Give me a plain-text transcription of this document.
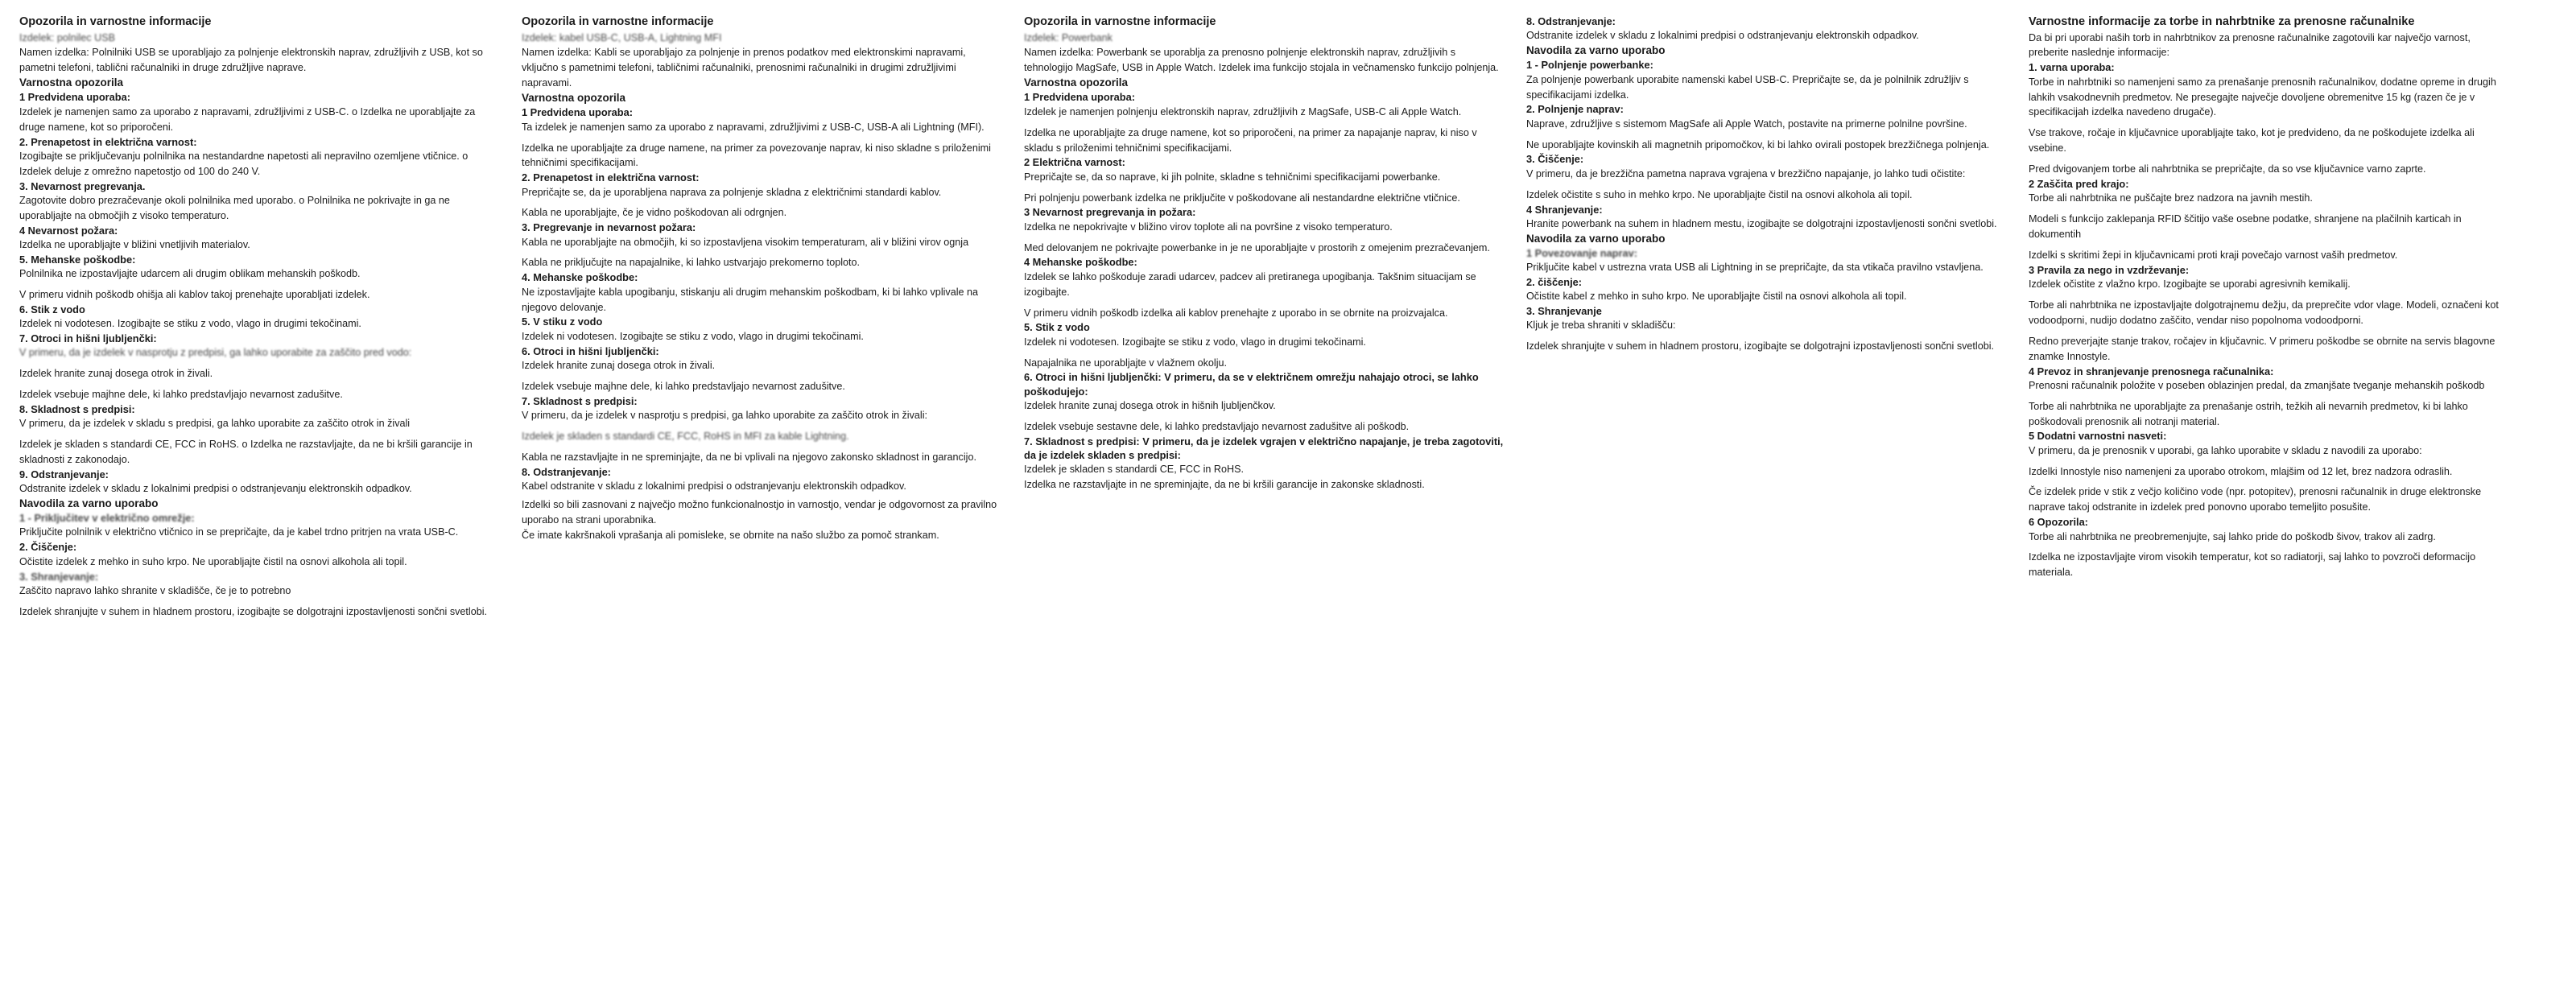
Opozorila in varnostne informacije

Izdelek: polnilec USB

Namen izdelka: Polnilniki USB se uporabljajo za polnjenje elektronskih naprav, združljivih z USB, kot so pametni telefoni, tablični računalniki in druge združljive naprave.

Varnostna opozorila
1 Predvidena uporaba:

Izdelek je namenjen samo za uporabo z napravami, združljivimi z USB-C. o Izdelka ne uporabljajte za druge namene, kot so priporočeni.

2. Prenapetost in električna varnost:

Izogibajte se priključevanju polnilnika na nestandardne napetosti ali nepravilno ozemljene vtičnice. o Izdelek deluje z omrežno napetostjo od 100 do 240 V.

3. Nevarnost pregrevanja.

Zagotovite dobro prezračevanje okoli polnilnika med uporabo. o Polnilnika ne pokrivajte in ga ne uporabljajte na območjih z visoko temperaturo.

4 Nevarnost požara:

Izdelka ne uporabljajte v bližini vnetljivih materialov.

5. Mehanske poškodbe:

Polnilnika ne izpostavljajte udarcem ali drugim oblikam mehanskih poškodb.

V primeru vidnih poškodb ohišja ali kablov takoj prenehajte uporabljati izdelek.

6. Stik z vodo

Izdelek ni vodotesen. Izogibajte se stiku z vodo, vlago in drugimi tekočinami.

7. Otroci in hišni ljubljenčki:

V primeru, da je izdelek v nasprotju z predpisi, ga lahko uporabite za zaščito pred vodo:

Izdelek hranite zunaj dosega otrok in živali.

Izdelek vsebuje majhne dele, ki lahko predstavljajo nevarnost zadušitve.

8. Skladnost s predpisi:

V primeru, da je izdelek v skladu s predpisi, ga lahko uporabite za zaščito otrok in živali

Izdelek je skladen s standardi CE, FCC in RoHS. o Izdelka ne razstavljajte, da ne bi kršili garancije in skladnosti z zakonodajo.

9. Odstranjevanje:

Odstranite izdelek v skladu z lokalnimi predpisi o odstranjevanju elektronskih odpadkov.

Navodila za varno uporabo
1 - Priključitev v električno omrežje:

Priključite polnilnik v električno vtičnico in se prepričajte, da je kabel trdno pritrjen na vrata USB-C.

2. Čiščenje:

Očistite izdelek z mehko in suho krpo. Ne uporabljajte čistil na osnovi alkohola ali topil.

3. Shranjevanje:

Zaščito napravo lahko shranite v skladišče, če je to potrebno

Izdelek shranjujte v suhem in hladnem prostoru, izogibajte se dolgotrajni izpostavljenosti sončni svetlobi.

Opozorila in varnostne informacije

Izdelek: kabel USB-C, USB-A, Lightning MFI

Namen izdelka: Kabli se uporabljajo za polnjenje in prenos podatkov med elektronskimi napravami, vključno s pametnimi telefoni, tabličnimi računalniki, prenosnimi računalniki in drugimi združljivimi napravami.

Varnostna opozorila
1 Predvidena uporaba:

Ta izdelek je namenjen samo za uporabo z napravami, združljivimi z USB-C, USB-A ali Lightning (MFI).

Izdelka ne uporabljajte za druge namene, na primer za povezovanje naprav, ki niso skladne s priloženimi tehničnimi specifikacijami.

2. Prenapetost in električna varnost:

Prepričajte se, da je uporabljena naprava za polnjenje skladna z električnimi standardi kablov.

Kabla ne uporabljajte, če je vidno poškodovan ali odrgnjen.

3. Pregrevanje in nevarnost požara:

Kabla ne uporabljajte na območjih, ki so izpostavljena visokim temperaturam, ali v bližini virov ognja

Kabla ne priključujte na napajalnike, ki lahko ustvarjajo prekomerno toploto.

4. Mehanske poškodbe:

Ne izpostavljajte kabla upogibanju, stiskanju ali drugim mehanskim poškodbam, ki bi lahko vplivale na njegovo delovanje.

5. V stiku z vodo

Izdelek ni vodotesen. Izogibajte se stiku z vodo, vlago in drugimi tekočinami.

6. Otroci in hišni ljubljenčki:

Izdelek hranite zunaj dosega otrok in živali.

Izdelek vsebuje majhne dele, ki lahko predstavljajo nevarnost zadušitve.

7. Skladnost s predpisi:

V primeru, da je izdelek v nasprotju s predpisi, ga lahko uporabite za zaščito otrok in živali:

Izdelek je skladen s standardi CE, FCC, RoHS in MFI za kable Lightning.

Kabla ne razstavljajte in ne spreminjajte, da ne bi vplivali na njegovo zakonsko skladnost in garancijo.

8. Odstranjevanje:

Kabel odstranite v skladu z lokalnimi predpisi o odstranjevanju elektronskih odpadkov.

Izdelki so bili zasnovani z največjo možno funkcionalnostjo in varnostjo, vendar je odgovornost za pravilno uporabo na strani uporabnika.

Če imate kakršnakoli vprašanja ali pomisleke, se obrnite na našo službo za pomoč strankam.

Opozorila in varnostne informacije

Izdelek: Powerbank

Namen izdelka: Powerbank se uporablja za prenosno polnjenje elektronskih naprav, združljivih s tehnologijo MagSafe, USB in Apple Watch. Izdelek ima funkcijo stojala in večnamensko funkcijo polnjenja.

Varnostna opozorila
1 Predvidena uporaba:

Izdelek je namenjen polnjenju elektronskih naprav, združljivih z MagSafe, USB-C ali Apple Watch.

Izdelka ne uporabljajte za druge namene, kot so priporočeni, na primer za napajanje naprav, ki niso v skladu s priloženimi tehničnimi specifikacijami.

2 Električna varnost:

Prepričajte se, da so naprave, ki jih polnite, skladne s tehničnimi specifikacijami powerbanke.

Pri polnjenju powerbank izdelka ne priključite v poškodovane ali nestandardne električne vtičnice.

3 Nevarnost pregrevanja in požara:

Izdelka ne nepokrivajte v bližino virov toplote ali na površine z visoko temperaturo.

Med delovanjem ne pokrivajte powerbanke in je ne uporabljajte v prostorih z omejenim prezračevanjem.

4 Mehanske poškodbe:

Izdelek se lahko poškoduje zaradi udarcev, padcev ali pretiranega upogibanja. Takšnim situacijam se izogibajte.

V primeru vidnih poškodb izdelka ali kablov prenehajte z uporabo in se obrnite na proizvajalca.

5. Stik z vodo

Izdelek ni vodotesen. Izogibajte se stiku z vodo, vlago in drugimi tekočinami.

Napajalnika ne uporabljajte v vlažnem okolju.

6. Otroci in hišni ljubljenčki: V primeru, da se v električnem omrežju nahajajo otroci, se lahko poškodujejo:

Izdelek hranite zunaj dosega otrok in hišnih ljubljenčkov.

Izdelek vsebuje sestavne dele, ki lahko predstavljajo nevarnost zadušitve ali poškodb.

7. Skladnost s predpisi: V primeru, da je izdelek vgrajen v električno napajanje, je treba zagotoviti, da je izdelek skladen s predpisi:

Izdelek je skladen s standardi CE, FCC in RoHS.

Izdelka ne razstavljajte in ne spreminjajte, da ne bi kršili garancije in zakonske skladnosti.

8. Odstranjevanje:

Odstranite izdelek v skladu z lokalnimi predpisi o odstranjevanju elektronskih odpadkov.

Navodila za varno uporabo
1 - Polnjenje powerbanke:

Za polnjenje powerbank uporabite namenski kabel USB-C. Prepričajte se, da je polnilnik združljiv s specifikacijami izdelka.

2. Polnjenje naprav:

Naprave, združljive s sistemom MagSafe ali Apple Watch, postavite na primerne polnilne površine.

Ne uporabljajte kovinskih ali magnetnih pripomočkov, ki bi lahko ovirali postopek brezžičnega polnjenja.

3. Čiščenje:

V primeru, da je brezžična pametna naprava vgrajena v brezžično napajanje, jo lahko tudi očistite:

Izdelek očistite s suho in mehko krpo. Ne uporabljajte čistil na osnovi alkohola ali topil.

4 Shranjevanje:

Hranite powerbank na suhem in hladnem mestu, izogibajte se dolgotrajni izpostavljenosti sončni svetlobi.

Navodila za varno uporabo
1 Povezovanje naprav:

Priključite kabel v ustrezna vrata USB ali Lightning in se prepričajte, da sta vtikača pravilno vstavljena.

2. čiščenje:

Očistite kabel z mehko in suho krpo. Ne uporabljajte čistil na osnovi alkohola ali topil.

3. Shranjevanje

Kljuk je treba shraniti v skladišču:

Izdelek shranjujte v suhem in hladnem prostoru, izogibajte se dolgotrajni izpostavljenosti sončni svetlobi.

Varnostne informacije za torbe in nahrbtnike za prenosne računalnike

Da bi pri uporabi naših torb in nahrbtnikov za prenosne računalnike zagotovili kar največjo varnost, preberite naslednje informacije:

1. varna uporaba:

Torbe in nahrbtniki so namenjeni samo za prenašanje prenosnih računalnikov, dodatne opreme in drugih lahkih vsakodnevnih predmetov. Ne presegajte največje dovoljene obremenitve 15 kg (razen če je v specifikacijah izdelka navedeno drugače).

Vse trakove, ročaje in ključavnice uporabljajte tako, kot je predvideno, da ne poškodujete izdelka ali vsebine.

Pred dvigovanjem torbe ali nahrbtnika se prepričajte, da so vse ključavnice varno zaprte.

2 Zaščita pred krajo:

Torbe ali nahrbtnika ne puščajte brez nadzora na javnih mestih.

Modeli s funkcijo zaklepanja RFID ščitijo vaše osebne podatke, shranjene na plačilnih karticah in dokumentih

Izdelki s skritimi žepi in ključavnicami proti kraji povečajo varnost vaših predmetov.

3 Pravila za nego in vzdrževanje:

Izdelek očistite z vlažno krpo. Izogibajte se uporabi agresivnih kemikalij.

Torbe ali nahrbtnika ne izpostavljajte dolgotrajnemu dežju, da preprečite vdor vlage. Modeli, označeni kot vodoodporni, nudijo dodatno zaščito, vendar niso popolnoma vodoodporni.

Redno preverjajte stanje trakov, ročajev in ključavnic. V primeru poškodbe se obrnite na servis blagovne znamke Innostyle.

4 Prevoz in shranjevanje prenosnega računalnika:

Prenosni računalnik položite v poseben oblazinjen predal, da zmanjšate tveganje mehanskih poškodb

Torbe ali nahrbtnika ne uporabljajte za prenašanje ostrih, težkih ali nevarnih predmetov, ki bi lahko poškodovali prenosnik ali notranji material.

5 Dodatni varnostni nasveti:

V primeru, da je prenosnik v uporabi, ga lahko uporabite v skladu z navodili za uporabo:

Izdelki Innostyle niso namenjeni za uporabo otrokom, mlajšim od 12 let, brez nadzora odraslih.

Če izdelek pride v stik z večjo količino vode (npr. potopitev), prenosni računalnik in druge elektronske naprave takoj odstranite in izdelek pred ponovno uporabo temeljito posušite.

6 Opozorila:

Torbe ali nahrbtnika ne preobremenjujte, saj lahko pride do poškodb šivov, trakov ali zadrg.

Izdelka ne izpostavljajte virom visokih temperatur, kot so radiatorji, saj lahko to povzroči deformacijo materiala.
